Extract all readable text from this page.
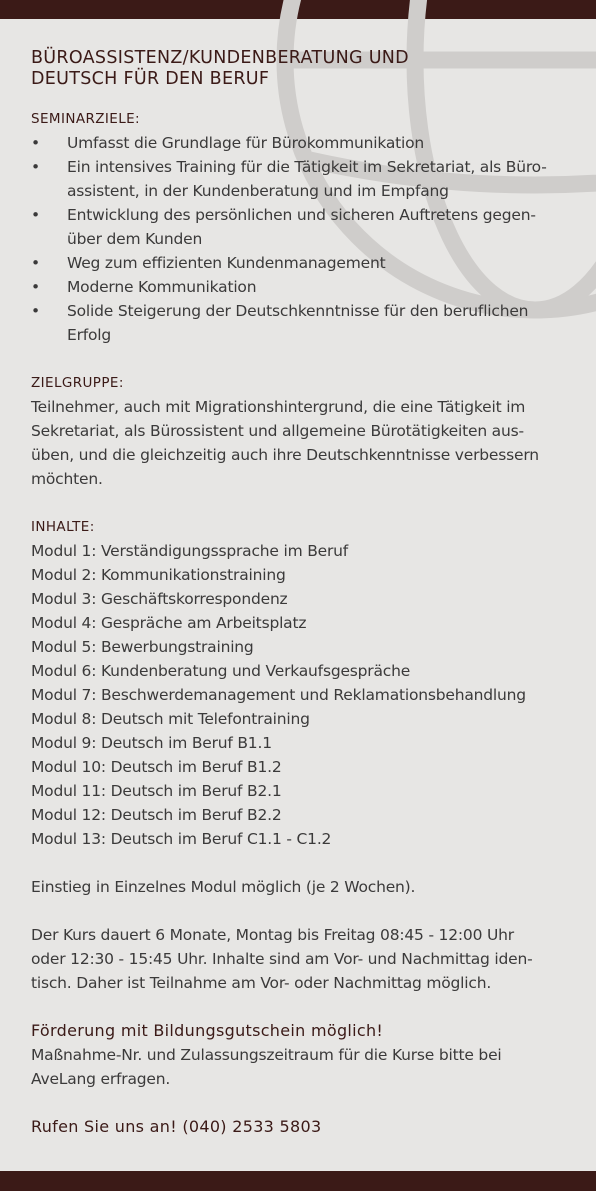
BÜROASSISTENZ/KUNDENBERATUNG UND
DEUTSCH FÜR DEN BERUF
SEMINARZIELE:
• Umfasst die Grundlage für Bürokommunikation
• Ein intensives Training für die Tätigkeit im Sekretariat, als Büro-
assistent, in der Kundenberatung und im Empfang
• Entwicklung des persönlichen und sicheren Auftretens gegen-
über dem Kunden
• Weg zum effizienten Kundenmanagement
• Moderne Kommunikation
• Solide Steigerung der Deutschkenntnisse für den beruflichen
Erfolg
ZIELGRUPPE:
Teilnehmer, auch mit Migrationshintergrund, die eine Tätigkeit im
Sekretariat, als Bürossistent und allgemeine Bürotätigkeiten aus-
üben, und die gleichzeitig auch ihre Deutschkenntnisse verbessern
möchten.
INHALTE:
Modul 1: Verständigungssprache im Beruf
Modul 2: Kommunikationstraining
Modul 3: Geschäftskorrespondenz
Modul 4: Gespräche am Arbeitsplatz
Modul 5: Bewerbungstraining
Modul 6: Kundenberatung und Verkaufsgespräche
Modul 7: Beschwerdemanagement und Reklamationsbehandlung
Modul 8: Deutsch mit Telefontraining
Modul 9: Deutsch im Beruf B1.1
Modul 10: Deutsch im Beruf B1.2
Modul 11: Deutsch im Beruf B2.1
Modul 12: Deutsch im Beruf B2.2
Modul 13: Deutsch im Beruf C1.1 - C1.2
Einstieg in Einzelnes Modul möglich (je 2 Wochen).
Der Kurs dauert 6 Monate, Montag bis Freitag 08:45 - 12:00 Uhr
oder 12:30 - 15:45 Uhr. Inhalte sind am Vor- und Nachmittag iden-
tisch. Daher ist Teilnahme am Vor- oder Nachmittag möglich.
Förderung mit Bildungsgutschein möglich!
Maßnahme-Nr. und Zulassungszeitraum für die Kurse bitte bei
AveLang erfragen.
Rufen Sie uns an! (040) 2533 5803
